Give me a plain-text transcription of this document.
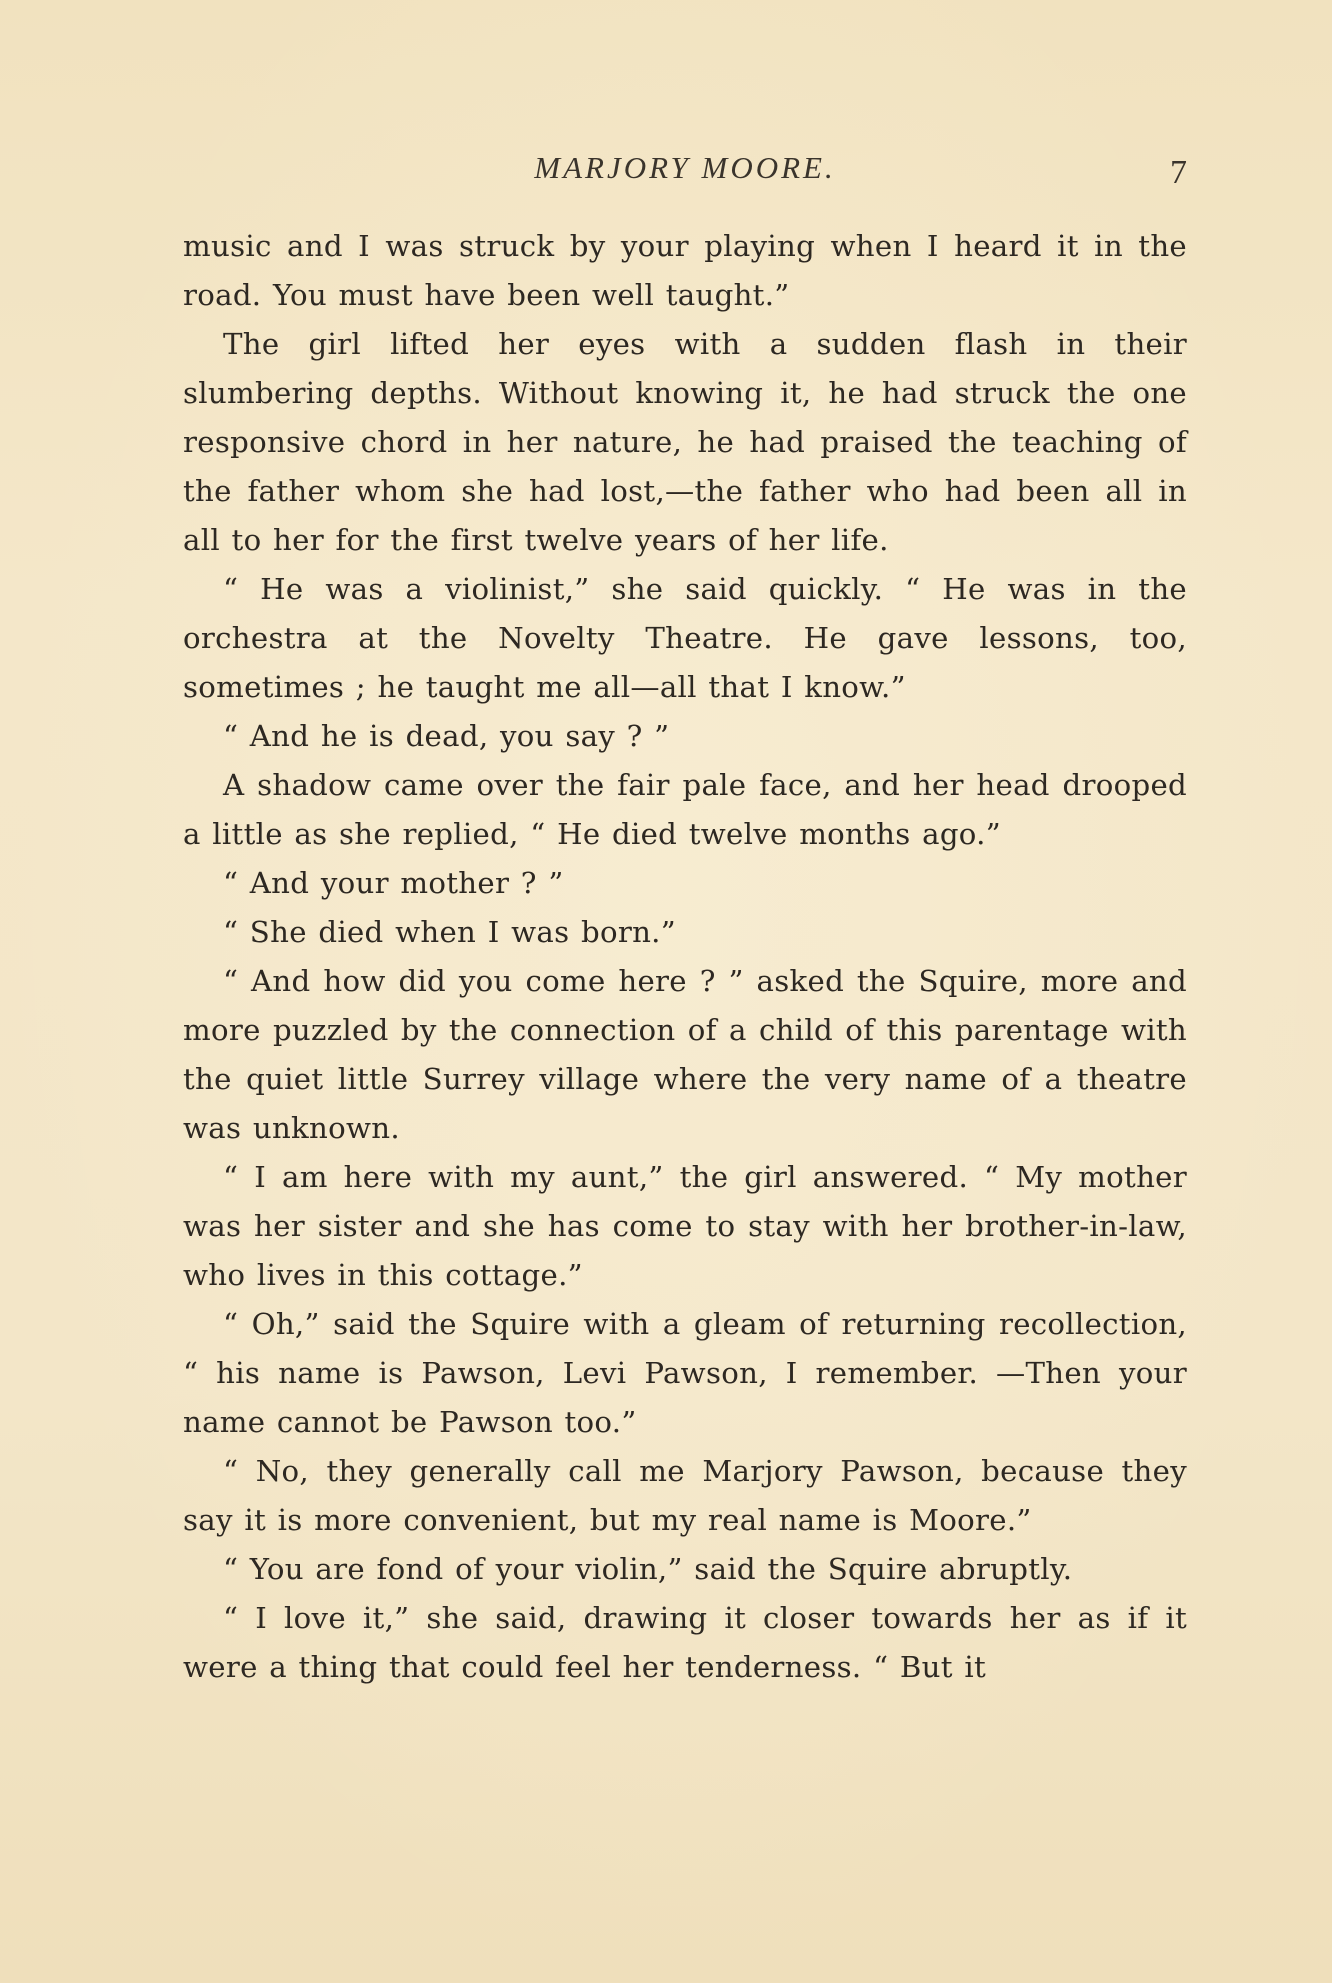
MARJORY MOORE.	7

music and I was struck by your playing when I heard it in the road. You must have been well taught.”

The girl lifted her eyes with a sudden flash in their slumbering depths. Without knowing it, he had struck the one responsive chord in her nature, he had praised the teaching of the father whom she had lost,—the father who had been all in all to her for the first twelve years of her life.

“ He was a violinist,” she said quickly. “ He was in the orchestra at the Novelty Theatre. He gave lessons, too, sometimes ; he taught me all—all that I know.”

“ And he is dead, you say ? ”

A shadow came over the fair pale face, and her head drooped a little as she replied, “ He died twelve months ago.”

“ And your mother ? ”

“ She died when I was born.”

“ And how did you come here ? ” asked the Squire, more and more puzzled by the connection of a child of this parentage with the quiet little Surrey village where the very name of a theatre was unknown.

“ I am here with my aunt,” the girl answered. “ My mother was her sister and she has come to stay with her brother-in-law, who lives in this cottage.”

“ Oh,” said the Squire with a gleam of returning recollection, “ his name is Pawson, Levi Pawson, I remember. —Then your name cannot be Pawson too.”

“ No, they generally call me Marjory Pawson, because they say it is more convenient, but my real name is Moore.”

“ You are fond of your violin,” said the Squire abruptly.

“ I love it,” she said, drawing it closer towards her as if it were a thing that could feel her tenderness. “ But it
